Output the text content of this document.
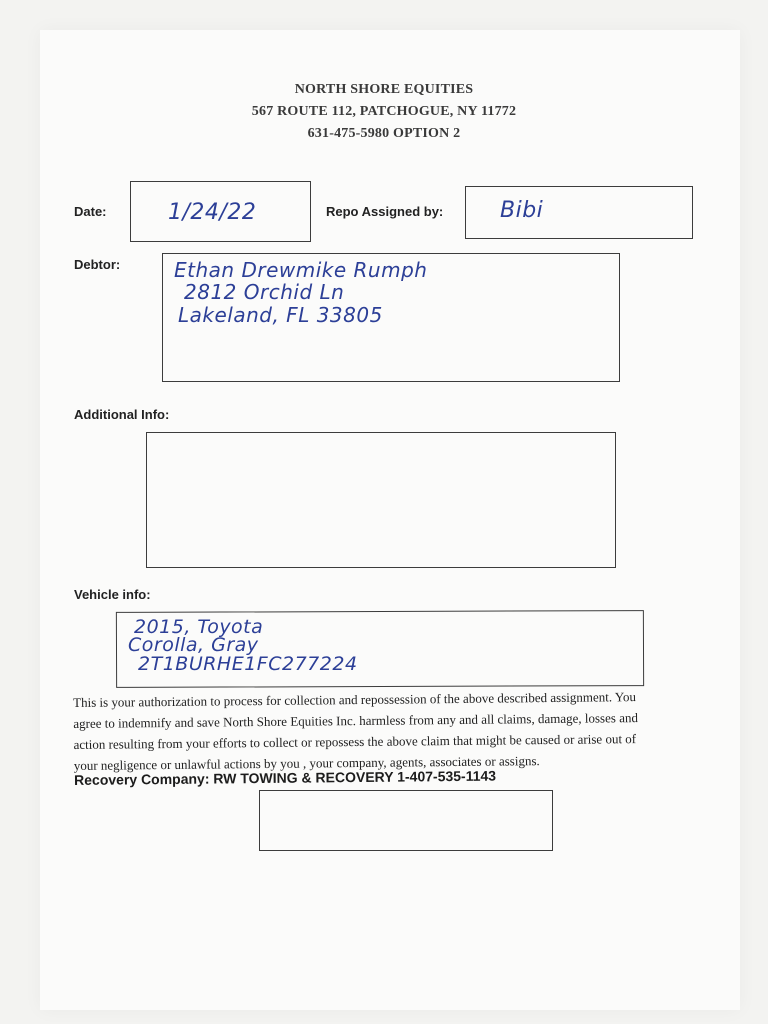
NORTH SHORE EQUITIES
567 ROUTE 112, PATCHOGUE, NY 11772
631-475-5980 OPTION 2
Date:	1/24/22	Repo Assigned by:	Bibi
Debtor:	Ethan Drewmike Rumph
2812 Orchid Ln
Lakeland, FL 33805
Additional Info:
Vehicle info:
2015, Toyota
Corolla, Gray
2T1BURHE1FC277224
This is your authorization to process for collection and repossession of the above described assignment. You
agree to indemnify and save North Shore Equities Inc. harmless from any and all claims, damage, losses and
action resulting from your efforts to collect or repossess the above claim that might be caused or arise out of
your negligence or unlawful actions by you , your company, agents, associates or assigns.
Recovery Company: RW TOWING & RECOVERY 1-407-535-1143
